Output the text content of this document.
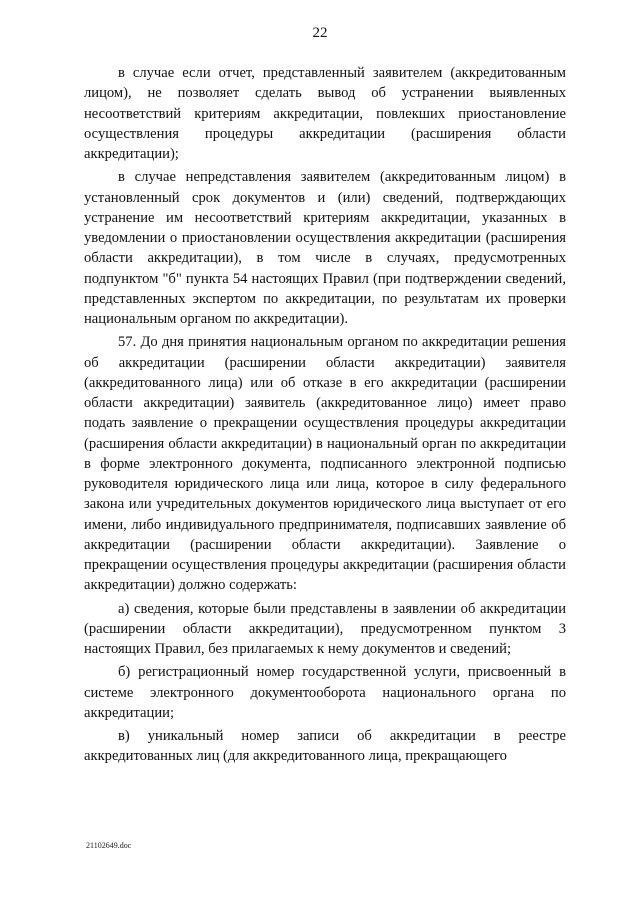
22

в случае если отчет, представленный заявителем (аккредитованным лицом), не позволяет сделать вывод об устранении выявленных несоответствий критериям аккредитации, повлекших приостановление осуществления процедуры аккредитации (расширения области аккредитации);

в случае непредставления заявителем (аккредитованным лицом) в установленный срок документов и (или) сведений, подтверждающих устранение им несоответствий критериям аккредитации, указанных в уведомлении о приостановлении осуществления аккредитации (расширения области аккредитации), в том числе в случаях, предусмотренных подпунктом "б" пункта 54 настоящих Правил (при подтверждении сведений, представленных экспертом по аккредитации, по результатам их проверки национальным органом по аккредитации).

57. До дня принятия национальным органом по аккредитации решения об аккредитации (расширении области аккредитации) заявителя (аккредитованного лица) или об отказе в его аккредитации (расширении области аккредитации) заявитель (аккредитованное лицо) имеет право подать заявление о прекращении осуществления процедуры аккредитации (расширения области аккредитации) в национальный орган по аккредитации в форме электронного документа, подписанного электронной подписью руководителя юридического лица или лица, которое в силу федерального закона или учредительных документов юридического лица выступает от его имени, либо индивидуального предпринимателя, подписавших заявление об аккредитации (расширении области аккредитации). Заявление о прекращении осуществления процедуры аккредитации (расширения области аккредитации) должно содержать:

а) сведения, которые были представлены в заявлении об аккредитации (расширении области аккредитации), предусмотренном пунктом 3 настоящих Правил, без прилагаемых к нему документов и сведений;

б) регистрационный номер государственной услуги, присвоенный в системе электронного документооборота национального органа по аккредитации;

в) уникальный номер записи об аккредитации в реестре аккредитованных лиц (для аккредитованного лица, прекращающего

21102649.doc
